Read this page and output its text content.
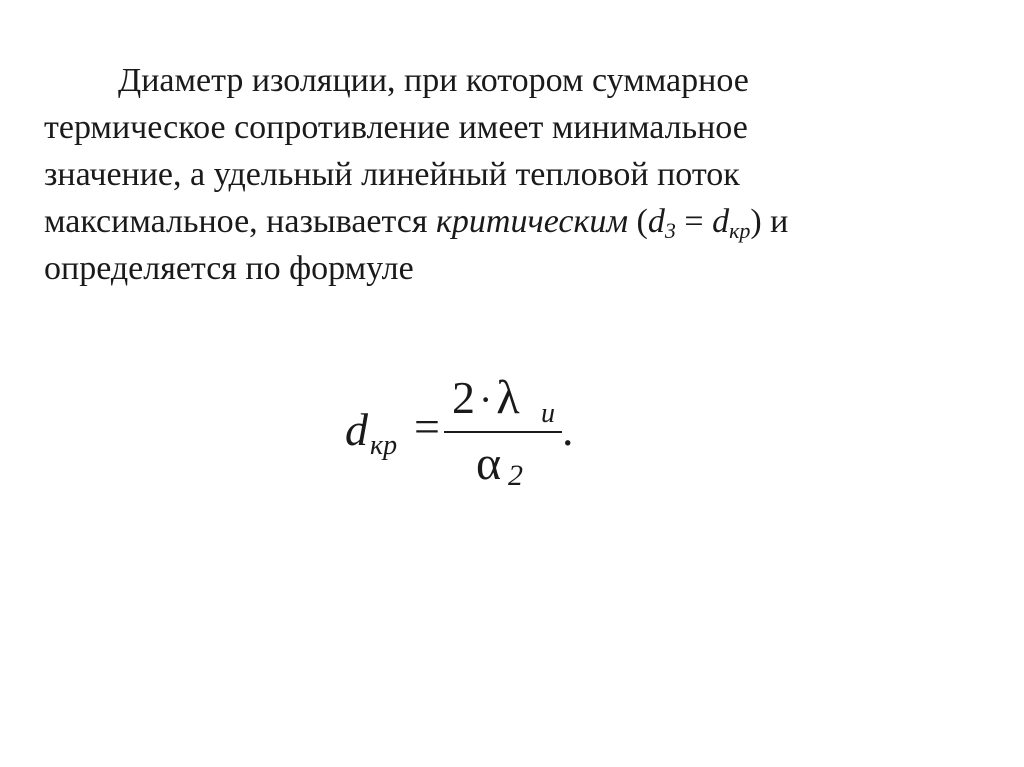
Диаметр изоляции, при котором суммарное
термическое сопротивление имеет минимальное
значение, а удельный линейный тепловой поток
максимальное, называется критическим $(d_3 = d_{кр})$ и
определяется по формуле
d кр =
2 ·λ и
α 2
.
